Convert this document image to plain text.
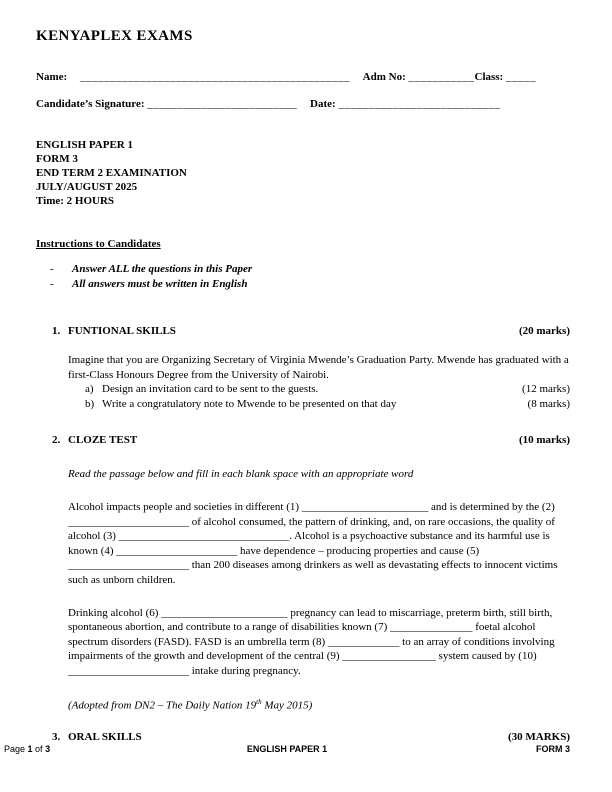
KENYAPLEX EXAMS
Name: _____________________________________________ Adm No: ___________Class: _____
Candidate’s Signature: _________________________ Date: ___________________________
ENGLISH PAPER 1
FORM 3
END TERM 2 EXAMINATION
JULY/AUGUST 2025
Time: 2 HOURS
Instructions to Candidates
-	Answer ALL the questions in this Paper
-	All answers must be written in English
1. FUNTIONAL SKILLS	(20 marks)
Imagine that you are Organizing Secretary of Virginia Mwende’s Graduation Party. Mwende has graduated with a first-Class Honours Degree from the University of Nairobi.
a) Design an invitation card to be sent to the guests.	(12 marks)
b) Write a congratulatory note to Mwende to be presented on that day	(8 marks)
2. CLOZE TEST	(10 marks)
Read the passage below and fill in each blank space with an appropriate word
Alcohol impacts people and societies in different (1) _______________________ and is determined by the (2) ______________________ of alcohol consumed, the pattern of drinking, and, on rare occasions, the quality of alcohol (3) _______________________________. Alcohol is a psychoactive substance and its harmful use is known (4) ______________________ have dependence – producing properties and cause (5) ______________________ than 200 diseases among drinkers as well as devastating effects to innocent victims such as unborn children.
Drinking alcohol (6) _______________________ pregnancy can lead to miscarriage, preterm birth, still birth, spontaneous abortion, and contribute to a range of disabilities known (7) _______________ foetal alcohol spectrum disorders (FASD). FASD is an umbrella term (8) _____________ to an array of conditions involving impairments of the growth and development of the central (9) _________________ system caused by (10) ______________________ intake during pregnancy.
(Adopted from DN2 – The Daily Nation 19th May 2015)
3. ORAL SKILLS	(30 MARKS)
Page 1 of 3	ENGLISH PAPER 1	FORM 3
